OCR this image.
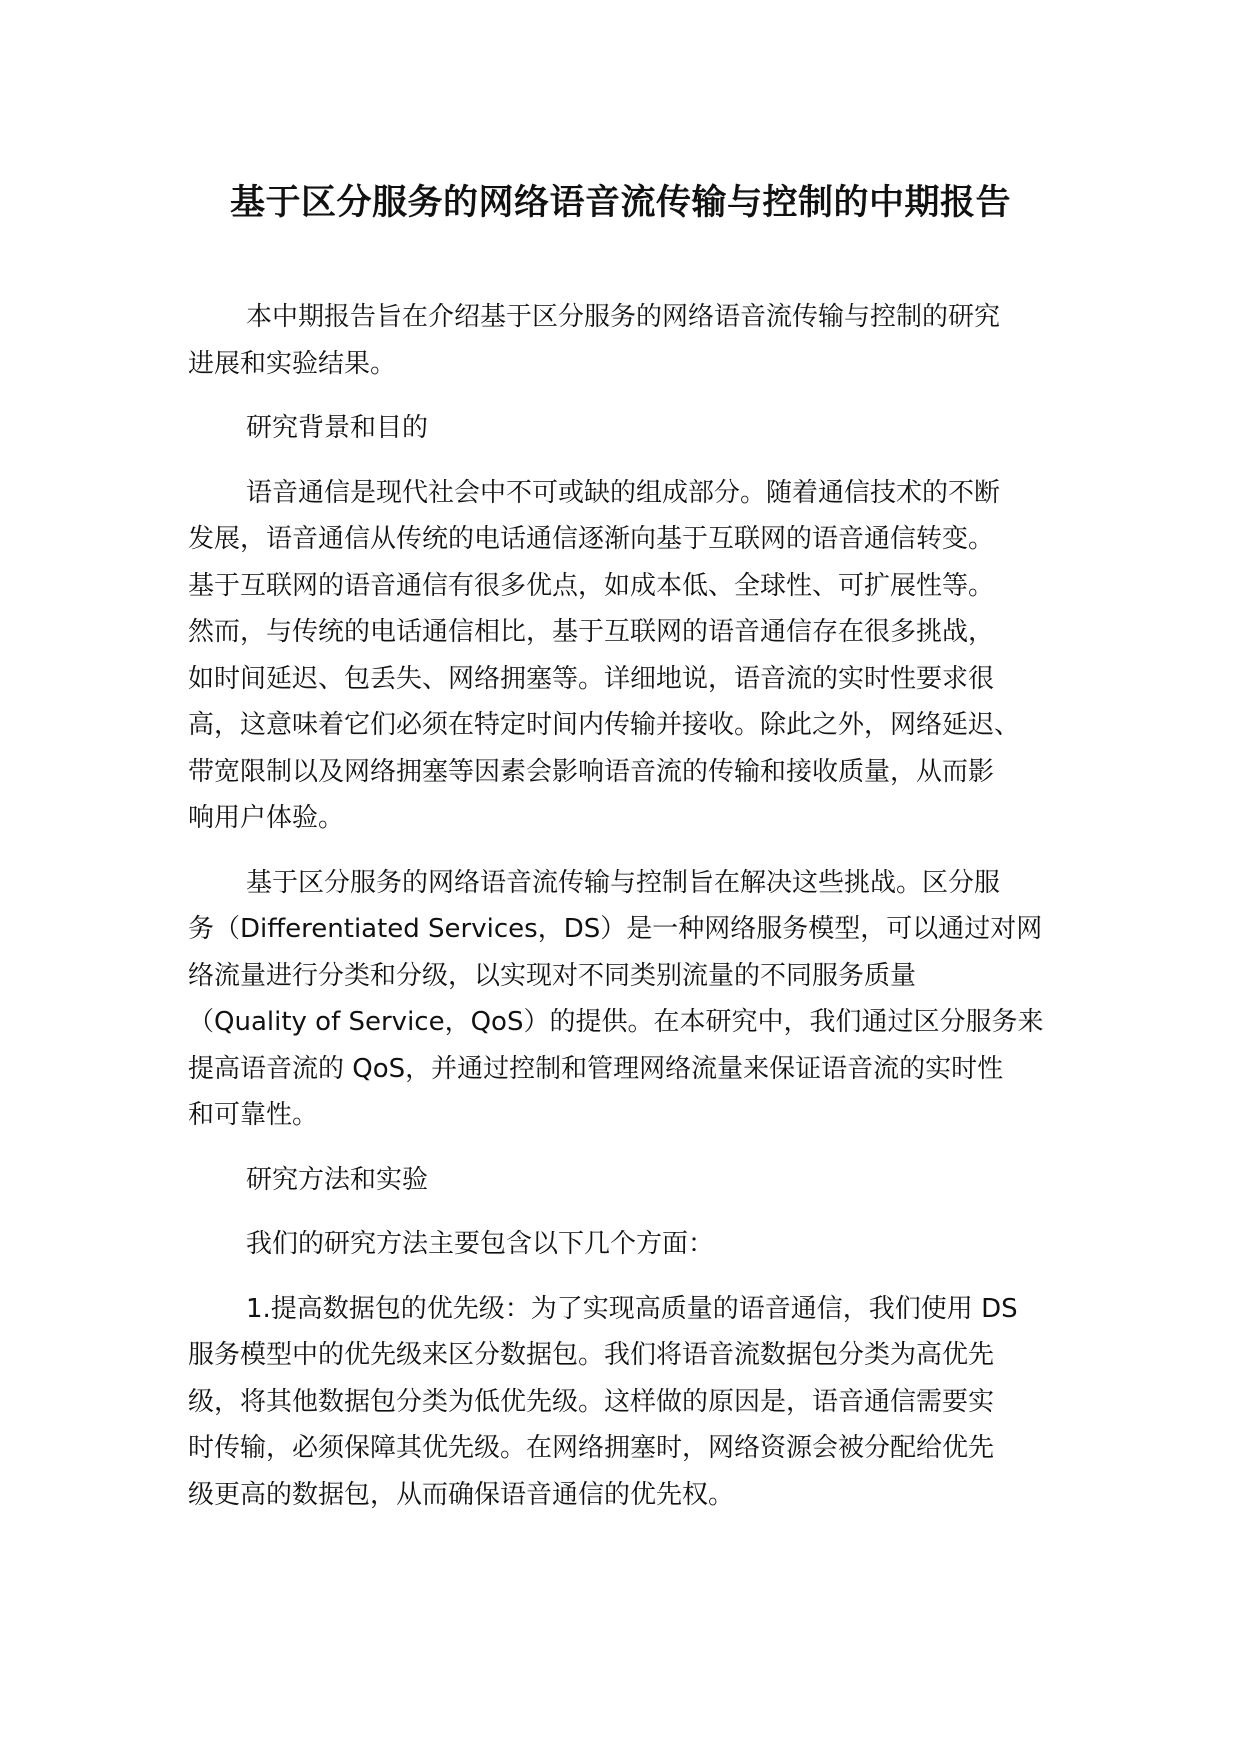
基于区分服务的网络语音流传输与控制的中期报告

本中期报告旨在介绍基于区分服务的网络语音流传输与控制的研究
进展和实验结果。

研究背景和目的

语音通信是现代社会中不可或缺的组成部分。随着通信技术的不断
发展，语音通信从传统的电话通信逐渐向基于互联网的语音通信转变。
基于互联网的语音通信有很多优点，如成本低、全球性、可扩展性等。
然而，与传统的电话通信相比，基于互联网的语音通信存在很多挑战，
如时间延迟、包丢失、网络拥塞等。详细地说，语音流的实时性要求很
高，这意味着它们必须在特定时间内传输并接收。除此之外，网络延迟、
带宽限制以及网络拥塞等因素会影响语音流的传输和接收质量，从而影
响用户体验。

基于区分服务的网络语音流传输与控制旨在解决这些挑战。区分服
务（Differentiated Services，DS）是一种网络服务模型，可以通过对网
络流量进行分类和分级，以实现对不同类别流量的不同服务质量
（Quality of Service，QoS）的提供。在本研究中，我们通过区分服务来
提高语音流的 QoS，并通过控制和管理网络流量来保证语音流的实时性
和可靠性。

研究方法和实验

我们的研究方法主要包含以下几个方面：

1.提高数据包的优先级：为了实现高质量的语音通信，我们使用 DS
服务模型中的优先级来区分数据包。我们将语音流数据包分类为高优先
级，将其他数据包分类为低优先级。这样做的原因是，语音通信需要实
时传输，必须保障其优先级。在网络拥塞时，网络资源会被分配给优先
级更高的数据包，从而确保语音通信的优先权。
